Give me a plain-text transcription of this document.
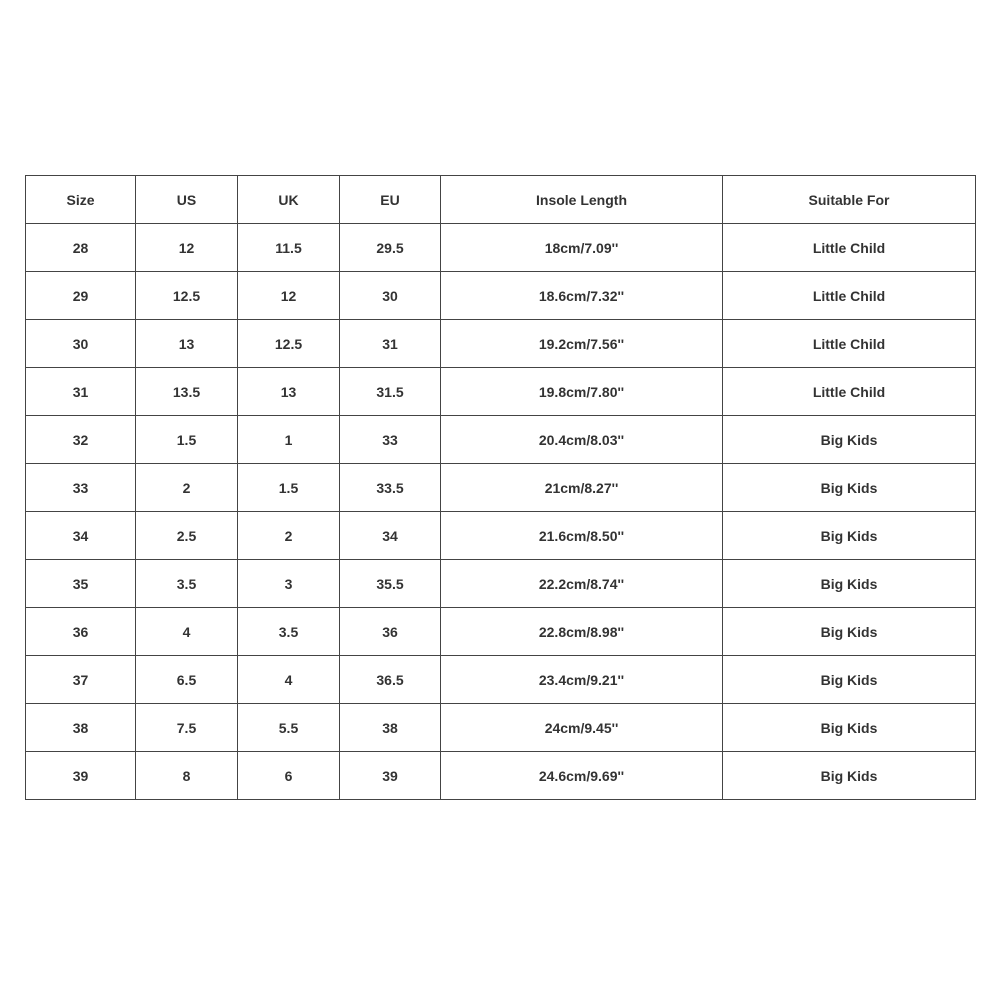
Size	US	UK	EU	Insole Length	Suitable For
28	12	11.5	29.5	18cm/7.09''	Little Child
29	12.5	12	30	18.6cm/7.32''	Little Child
30	13	12.5	31	19.2cm/7.56''	Little Child
31	13.5	13	31.5	19.8cm/7.80''	Little Child
32	1.5	1	33	20.4cm/8.03''	Big Kids
33	2	1.5	33.5	21cm/8.27''	Big Kids
34	2.5	2	34	21.6cm/8.50''	Big Kids
35	3.5	3	35.5	22.2cm/8.74''	Big Kids
36	4	3.5	36	22.8cm/8.98''	Big Kids
37	6.5	4	36.5	23.4cm/9.21''	Big Kids
38	7.5	5.5	38	24cm/9.45''	Big Kids
39	8	6	39	24.6cm/9.69''	Big Kids
